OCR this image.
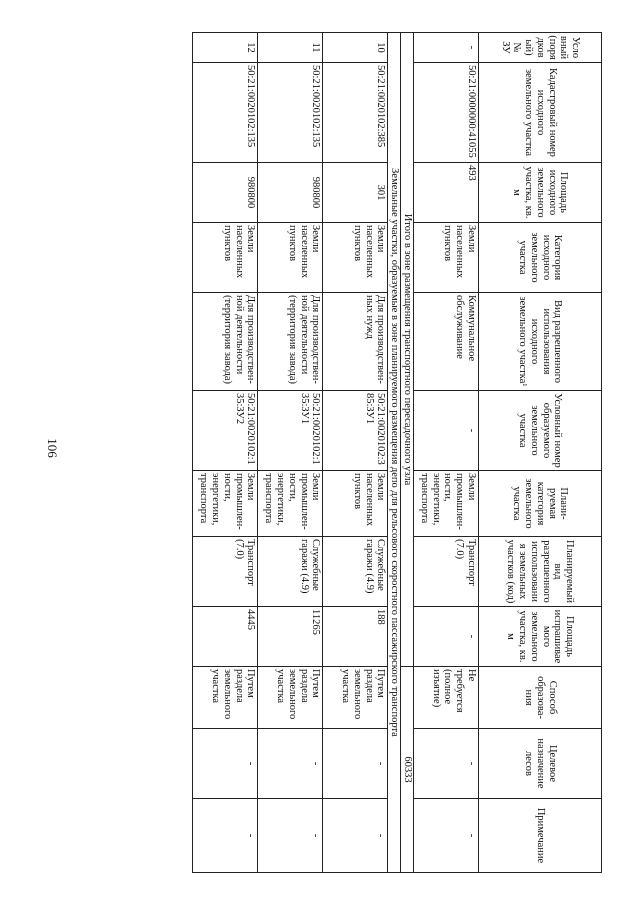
106
Условный (порядковый) № ЗУ	Кадастровый номер исходного земельного участка	Площадь исходного земельного участка, кв. м	Категория исходного земельного участка	Вид разрешенного использования исходного земельного участка¹	Условный номер образуемого земельного участка	Плани-руемая категория земельного участка	Планируемый вид разрешенного использования земельных участков (код)	Площадь испрашиваемого земельного участка, кв. м	Способ образова-ния	Целевое назначение лесов	Примечание
-	50:21:0000000:41055	493	Земли населенных пунктов	Коммунальное обслуживание	-	Земли промышлен-ности, энергетики, транспорта	Транспорт (7.0)	-	Не требуется (полное изъятие)	-	-
Итого в зоне размещения транспортного пересадочного узла									60333		
Земельные участки, образуемые в зоне планируемого размещения депо для рельсового скоростного пассажирского транспорта											
10	50:21:0020102:385	301	Земли населенных пунктов	Для производствен-ных нужд	50:21:0020102:385:ЗУ1	Земли населенных пунктов	Служебные гаражи (4.9)	188	Путем раздела земельного участка	-	-
11	50:21:0020102:135	980800	Земли населенных пунктов	Для производствен-ной деятельности (территория завода)	50:21:0020102:135:ЗУ1	Земли промышлен-ности, энергетики, транспорта	Служебные гаражи (4.9)	11265	Путем раздела земельного участка	-	-
12	50:21:0020102:135	980800	Земли населенных пунктов	Для производствен-ной деятельности (территория завода)	50:21:0020102:135:ЗУ2	Земли промышлен-ности, энергетики, транспорта	Транспорт (7.0)	4445	Путем раздела земельного участка	-	-
